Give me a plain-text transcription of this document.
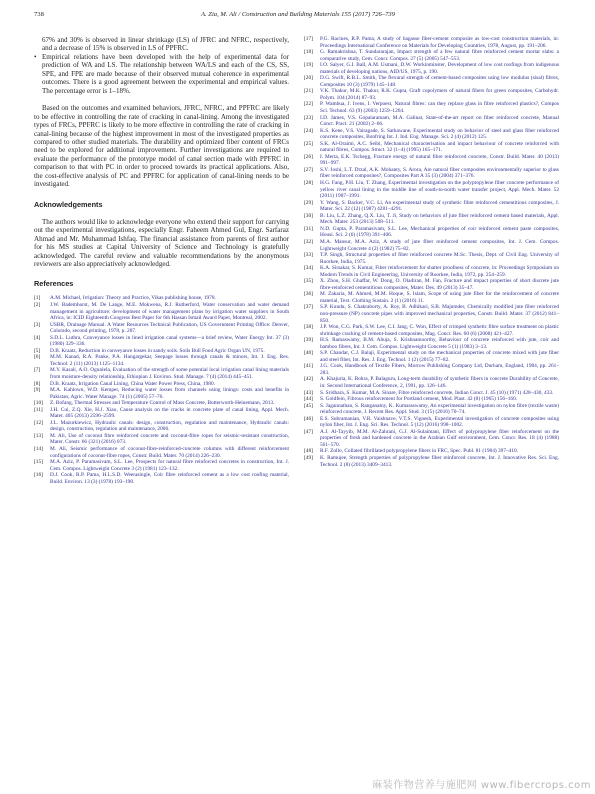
738	A. Zia, M. Ali / Construction and Building Materials 155 (2017) 726–739

67% and 30% is observed in linear shrinkage (LS) of JFRC and NFRC, respectively, and a decrease of 15% is observed in LS of PPFRC.

• Empirical relations have been developed with the help of experimental data for prediction of WA and LS. The relationship between WA/LS and each of the CS, SS, SPE, and FPE are made because of their observed mutual coherence in experimental outcomes. There is a good agreement between the experimental and empirical values. The percentage error is 1–18%.

Based on the outcomes and examined behaviors, JFRC, NFRC, and PPFRC are likely to be effective in controlling the rate of cracking in canal-lining. Among the investigated types of FRCs, PPFRC is likely to be more effective in controlling the rate of cracking in canal-lining because of the highest improvement in most of the investigated properties as compared to other studied materials. The durability and optimized fiber content of FRCs need to be explored for additional improvement. Further investigations are required to evaluate the performance of the prototype model of canal section made with PPFRC in comparison to that with PC in order to proceed towards its practical applications. Also, the cost-effective analysis of PC and PPFRC for application of canal-lining needs to be investigated.

Acknowledgements

The authors would like to acknowledge everyone who extend their support for carrying out the experimental investigations, especially Engr. Faheem Ahmed Gul, Engr. Sarfaraz Ahmad and Mr. Muhammad Ishfaq. The financial assistance from parents of first author for his MS studies at Capital University of Science and Technology is gratefully acknowledged. The careful review and valuable recommendations by the anonymous reviewers are also appreciatively acknowledged.

References
[1] A.M. Michael, Irrigation: Theory and Practice, Vikas publishing house, 1978.
[2] J.W. Bademhorst, M. De Lange, M.E. Mokwena, R.J. Rutherford, Water conservation and water demand management in agriculture: development of water management plans by irrigation water suppliers in South Africa, in: ICID Eighteenth Congress Best Paper for 6th Hassan Ismail Award Paper, Montreal, 2002.
[3] USBR, Drainage Manual. A Water Resources Technical Publication, US Government Printing Office: Denver, Colorado, second printing, 1978, p. 287.
[4] S.D.L. Luthra, Conveyance losses in lined irrigation canal systems—a brief review, Water Energy Int. 37 (3) (1980) 329–336.
[5] D.B. Kraatz, Reduction in conveyance losses in sandy soils. Soils Bull Food Agric Organ UN, 1975.
[6] M.M. Kanad, R.A. Panke, P.A. Hangargekar, Seepage losses through canals & minors, Int. J. Eng. Res. Technol. 2 (11) (2013) 1125–1134.
[7] M.Y. Kasali, A.O. Ogunlela, Evaluation of the strength of some potential local irrigation canal lining materials from moisture-density relationship, Ethiopian J. Environ. Stud. Manage. 7 (4) (2014) 445–451.
[8] D.B. Kraatz, Irrigation Canal Lining, China Water Power Press, China, 1980.
[9] M.A. Kahlown, W.D. Kemper, Reducing water losses from channels using linings: costs and benefits in Pakistan, Agric. Water Manage. 74 (1) (2005) 57–76.
[10] Z. Bofang, Thermal Stresses and Temperature Control of Mass Concrete, Butterworth-Heinemann, 2013.
[11] J.H. Cui, Z.Q. Xie, H.J. Xiao, Cause analysis on the cracks in concrete plate of canal lining, Appl. Mech. Mater. 405 (2013) 2596–2599.
[12] J.L. Mazurkiewicz, Hydraulic canals: design, construction, regulation and maintenance, Hydraulic canals: design, construction, regulation and maintenance, 2006.
[13] M. Ali, Use of coconut fibre reinforced concrete and coconut-fibre ropes for seismic-resistant construction, Mater. Constr. 66 (321) (2016) 073.
[14] M. Ali, Seismic performance of coconut-fibre-reinforced-concrete columns with different reinforcement configurations of coconut-fibre ropes, Constr. Build. Mater. 70 (2014) 226–230.
[15] M.A. Aziz, P. Paramasivam, S.L. Lee, Prospects for natural fibre reinforced concretes in construction, Int. J. Cem. Compos. Lightweight Concrete 3 (2) (1981) 123–132.
[16] D.J. Cook, R.P. Pama, H.L.S.D. Weerasingle, Coir fibre reinforced cement as a low cost roofing material, Build. Environ. 13 (3) (1978) 193–198.
[17] P.G. Racines, R.P. Pama, A study of bagasse fiber-cement composite as low-cost construction materials, in: Proceedings International Conference on Materials for Developing Countries, 1978, August, pp. 191–206.
[18] G. Ramakrishna, T. Sundararajan, Impact strength of a few natural fibre reinforced cement mortar slabs: a comparative study, Cem. Concr. Compos. 27 (5) (2005) 547–553.
[19] I.O. Salyer, G.I. Ball, A.M. Usmani, D.W. Workinminster, Development of low cost roofings from indigenous materials of developing nations, AID/US, 1975, p. 190.
[20] D.G. Swift, R.B.L. Smith, The flexural strength of cement-based composites using low modulus (sisal) fibres, Composites 10 (3) (1979) 145–148.
[21] V.K. Thakur, M.K. Thakur, R.K. Gupta, Graft copolymers of natural fibers for green composites, Carbohydr. Polym. 104 (2014) 87–93.
[22] P. Wambua, J. Ivens, I. Verpoest, Natural fibres: can they replace glass in fibre reinforced plastics?, Compos Sci. Technol. 63 (9) (2003) 1259–1264.
[23] I.D. James, V.S. Gopalaratnam, M.A. Galinat, State-of-the-art report on fiber reinforced concrete, Manual Concr. Pract. 21 (2002) 2–66.
[24] K.S. Kene, V.S. Vairagade, S. Sathawane, Experimental study on behavior of steel and glass fiber reinforced concrete composites, Bonfring Int. J. Ind. Eng. Manage. Sci. 2 (4) (2012) 125.
[25] S.K. Al-Oraimi, A.C. Seibi, Mechanical characterisation and impact behaviour of concrete reinforced with natural fibres, Compos. Struct. 32 (1–4) (1995) 165–171.
[26] I. Merta, E.K. Tschegg, Fracture energy of natural fibre reinforced concrete, Constr. Build. Mater. 40 (2013) 991–997.
[27] S.V. Joshi, L.T. Drzal, A.K. Mohanty, S. Arora, Are natural fiber composites environmentally superior to glass fiber reinforced composites?, Composites Part A 35 (3) (2004) 371–376.
[28] H.G. Fang, P.H. Liu, T. Zhang, Experimental investigation on the polypropylene fiber concrete performance of yellow river canal lining in the middle line of south-to-north water transfer project, Appl. Mech. Mater. 52 (2011) 1987–1991.
[29] Y. Wang, S. Backer, V.C. Li, An experimental study of synthetic fibre reinforced cementitious composites, J. Mater. Sci. 22 (12) (1987) 4281–4291.
[30] B. Liu, L.Z. Zhang, Q.X. Liu, T. Ji, Study on behaviors of jute fiber reinforced cement based materials, Appl. Mech. Mater. 253 (2013) 508–511.
[31] N.D. Gupta, P. Paramasivam, S.L. Lee, Mechanical properties of coir reinforced cement paste composites, Housi. Sci. 2 (6) (1978) 391–406.
[32] M.A. Mansur, M.A. Aziz, A study of jute fiber reinforced cement composites, Int. J. Cem. Compos. Lightweight Concrete 4 (2) (1982) 75–82.
[33] T.P. Singh, Structural properties of fiber reinforced concrete M.Sc. Thesis, Dept. of Civil Eng. University of Roorkee, India, 1975.
[34] K.A. Sirsakar, S. Kumar, Fiber reinforcement for shatter proofness of concrete, in: Proceedings Symposium on Modern Trends in Civil Engineering, University of Roorkee, India, 1972, pp. 254–259.
[35] X. Zhou, S.H. Ghaffar, W. Dong, O. Oladiran, M. Fan, Fracture and impact properties of short discrete jute fibre-reinforced cementitious composites, Mater. Des. 49 (2013) 35–47.
[36] M. Zakaria, M. Ahmed, M.M. Hoque, S. Islam, Scope of using jute fiber for the reinforcement of concrete material, Text. Clothing Sustain. 2 (1) (2016) 11.
[37] S.P. Kundu, S. Chakraborty, A. Roy, B. Adhikari, S.B. Majumder, Chemically modified jute fiber reinforced non-pressure (NP) concrete pipes with improved mechanical properties, Constr. Build. Mater. 37 (2012) 841–850.
[38] J.P. Won, C.G. Park, S.W. Lee, C.I. Jang, C. Won, Effect of crimped synthetic fibre surface treatment on plastic shrinkage cracking of cement-based composites, Mag. Concr. Res. 60 (6) (2008) 421–427.
[39] H.S. Ramaswamy, B.M. Ahuja, S. Krishnamoorthy, Behaviour of concrete reinforced with jute, coir and bamboo fibres, Int. J. Cem. Compos. Lightweight Concrete 5 (1) (1983) 3–13.
[40] S.P. Chandar, C.J. Balaji, Experimental study on the mechanical properties of concrete mixed with jute fiber and steel fiber, Int. Res. J. Eng. Technol. 1 (2) (2015) 77–82.
[41] J.G. Cook, Handbook of Textile Fibers, Morrow Publishing Company Ltd, Durham, England, 1984, pp. 261–283.
[42] A. Khajuria, K. Bohra, P. Balaguru, Long-term durability of synthetic fibers in concrete Durability of Concrete, in: Second International Conference, 2, 1991, pp. 126–146.
[43] S. Sridhara, S. Kumar, M.A. Sinare, Fibre reinforced concrete, Indian Concr. J. 45 (10) (1971) 428–430, 433.
[44] S. Goldfein, Fibrous reinforcement for Portland cement, Mod. Plast. 42 (8) (1965) 156–160.
[45] S. Jagannathan, S. Ranganatny, K. Kumaraswamy, An experimental investigation on nylon fibre (textile waste) reinforced concrete, J. Recent Res. Appl. Stud. 3 (15) (2016) 70–74.
[46] E.S. Subramanian, V.R. Vaishnave, V.T.S. Vignesh, Experimental investigation of concrete composites using nylon fiber, Int. J. Eng. Sci. Res. Technol. 5 (12) (2016) 998–1002.
[47] A.J. Al-Tayyib, M.M. Al-Zahrani, G.J. Al-Sulaimani, Effect of polypropylene fiber reinforcement on the properties of fresh and hardened concrete in the Arabian Gulf environment, Cem. Concr. Res. 18 (4) (1988) 561–570.
[48] R.F. Zollo, Collated fibrillated polypropylene fibers in FRC, Spec. Publ. 81 (1984) 397–410.
[49] K. Ramujee, Strength properties of polypropylene fiber reinforced concrete, Int. J. Innovative Res. Sci. Eng. Technol. 2 (8) (2013) 3409–3413.
麻装作物营养与施肥网 www.fibercrops.com
